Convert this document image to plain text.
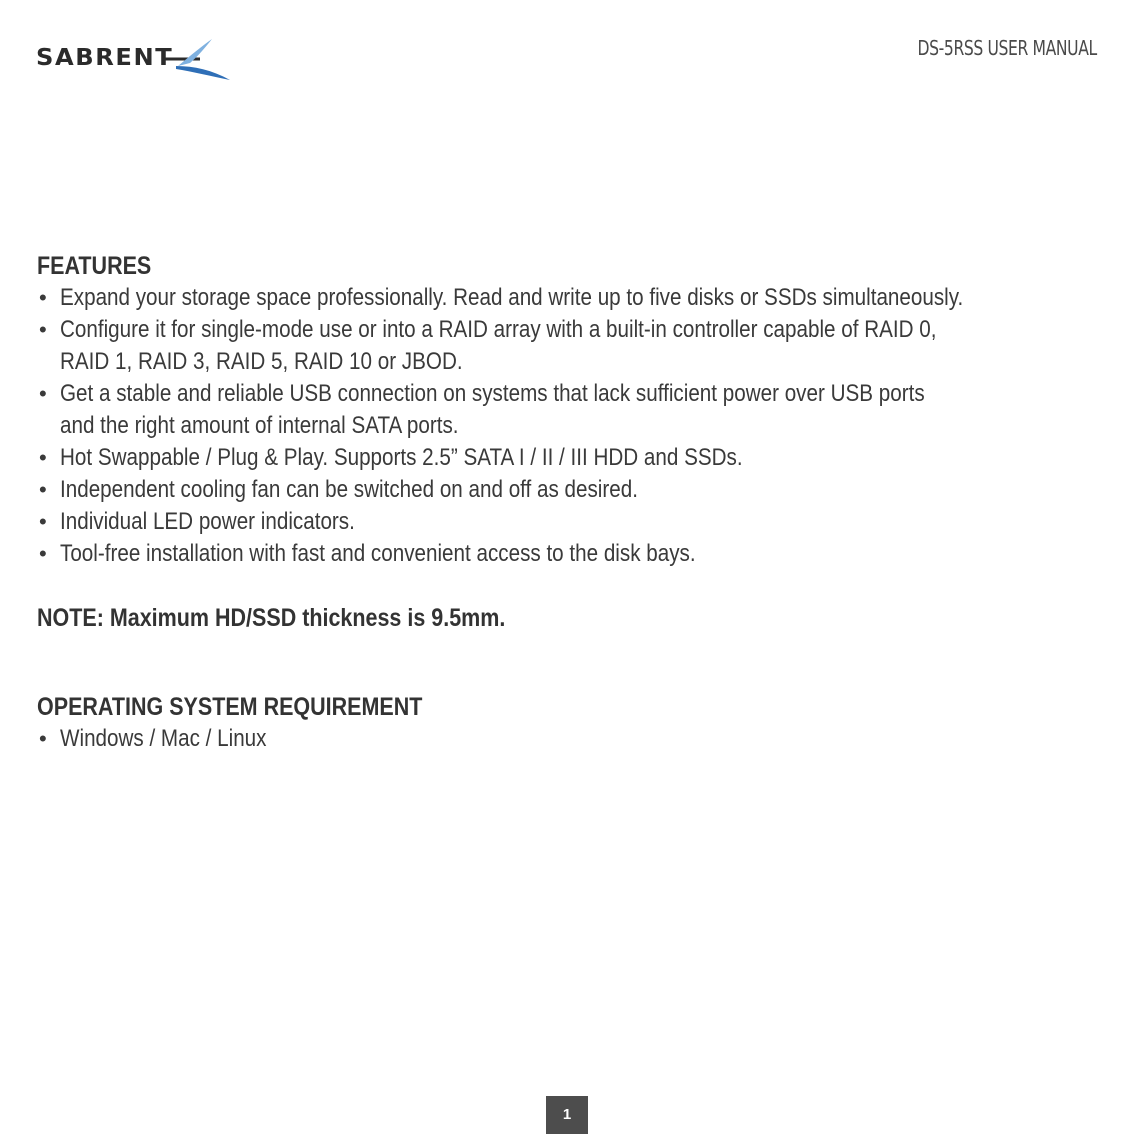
SABRENT	DS-5RSS USER MANUAL
FEATURES
• Expand your storage space professionally. Read and write up to five disks or SSDs simultaneously.
• Configure it for single-mode use or into a RAID array with a built-in controller capable of RAID 0,
RAID 1, RAID 3, RAID 5, RAID 10 or JBOD.
• Get a stable and reliable USB connection on systems that lack sufficient power over USB ports
and the right amount of internal SATA ports.
• Hot Swappable / Plug & Play. Supports 2.5” SATA I / II / III HDD and SSDs.
• Independent cooling fan can be switched on and off as desired.
• Individual LED power indicators.
• Tool-free installation with fast and convenient access to the disk bays.
NOTE: Maximum HD/SSD thickness is 9.5mm.
OPERATING SYSTEM REQUIREMENT
• Windows / Mac / Linux
1
